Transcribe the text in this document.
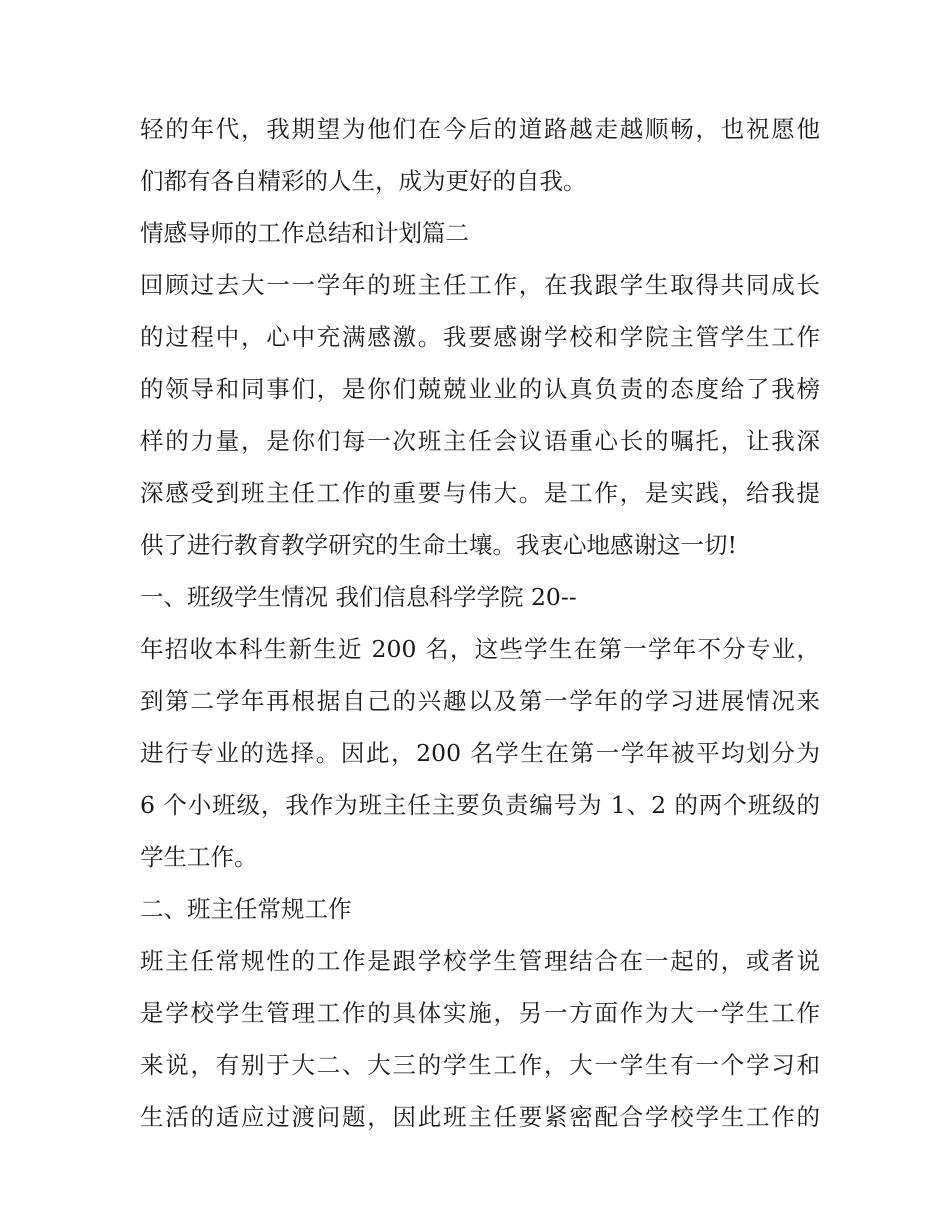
轻的年代，我期望为他们在今后的道路越走越顺畅，也祝愿他
们都有各自精彩的人生，成为更好的自我。
情感导师的工作总结和计划篇二
回顾过去大一一学年的班主任工作，在我跟学生取得共同成长
的过程中，心中充满感激。我要感谢学校和学院主管学生工作
的领导和同事们，是你们兢兢业业的认真负责的态度给了我榜
样的力量，是你们每一次班主任会议语重心长的嘱托，让我深
深感受到班主任工作的重要与伟大。是工作，是实践，给我提
供了进行教育教学研究的生命土壤。我衷心地感谢这一切!
一、班级学生情况 我们信息科学学院 20--
年招收本科生新生近 200 名，这些学生在第一学年不分专业，
到第二学年再根据自己的兴趣以及第一学年的学习进展情况来
进行专业的选择。因此，200 名学生在第一学年被平均划分为
6 个小班级，我作为班主任主要负责编号为 1、2 的两个班级的
学生工作。
二、班主任常规工作
班主任常规性的工作是跟学校学生管理结合在一起的，或者说
是学校学生管理工作的具体实施，另一方面作为大一学生工作
来说，有别于大二、大三的学生工作，大一学生有一个学习和
生活的适应过渡问题，因此班主任要紧密配合学校学生工作的
